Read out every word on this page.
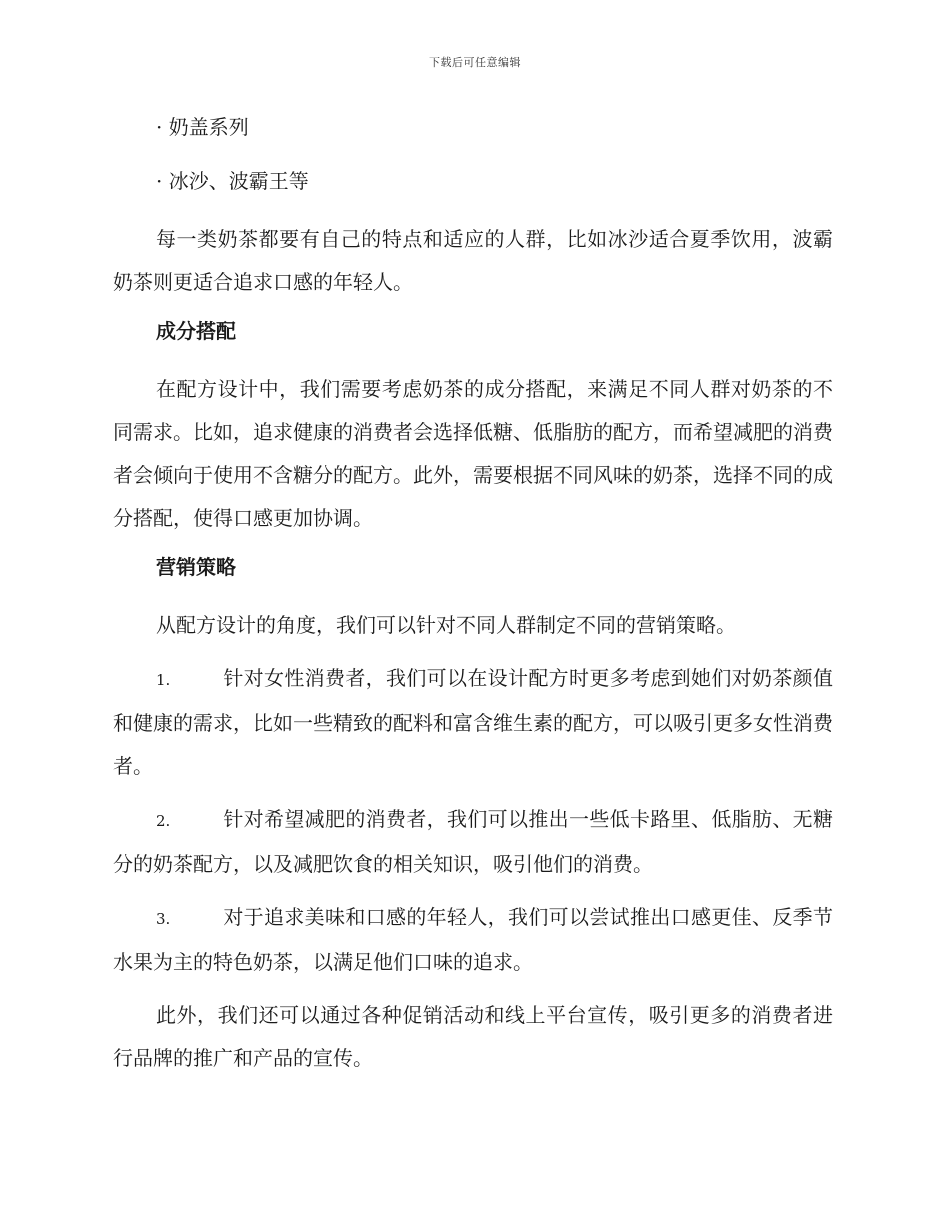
下载后可任意编辑

· 奶盖系列

· 冰沙、波霸王等

每一类奶茶都要有自己的特点和适应的人群，比如冰沙适合夏季饮用，波霸奶茶则更适合追求口感的年轻人。

成分搭配

在配方设计中，我们需要考虑奶茶的成分搭配，来满足不同人群对奶茶的不同需求。比如，追求健康的消费者会选择低糖、低脂肪的配方，而希望减肥的消费者会倾向于使用不含糖分的配方。此外，需要根据不同风味的奶茶，选择不同的成分搭配，使得口感更加协调。

营销策略

从配方设计的角度，我们可以针对不同人群制定不同的营销策略。

1.	针对女性消费者，我们可以在设计配方时更多考虑到她们对奶茶颜值和健康的需求，比如一些精致的配料和富含维生素的配方，可以吸引更多女性消费者。

2.	针对希望减肥的消费者，我们可以推出一些低卡路里、低脂肪、无糖分的奶茶配方，以及减肥饮食的相关知识，吸引他们的消费。

3.	对于追求美味和口感的年轻人，我们可以尝试推出口感更佳、反季节水果为主的特色奶茶，以满足他们口味的追求。

此外，我们还可以通过各种促销活动和线上平台宣传，吸引更多的消费者进行品牌的推广和产品的宣传。
